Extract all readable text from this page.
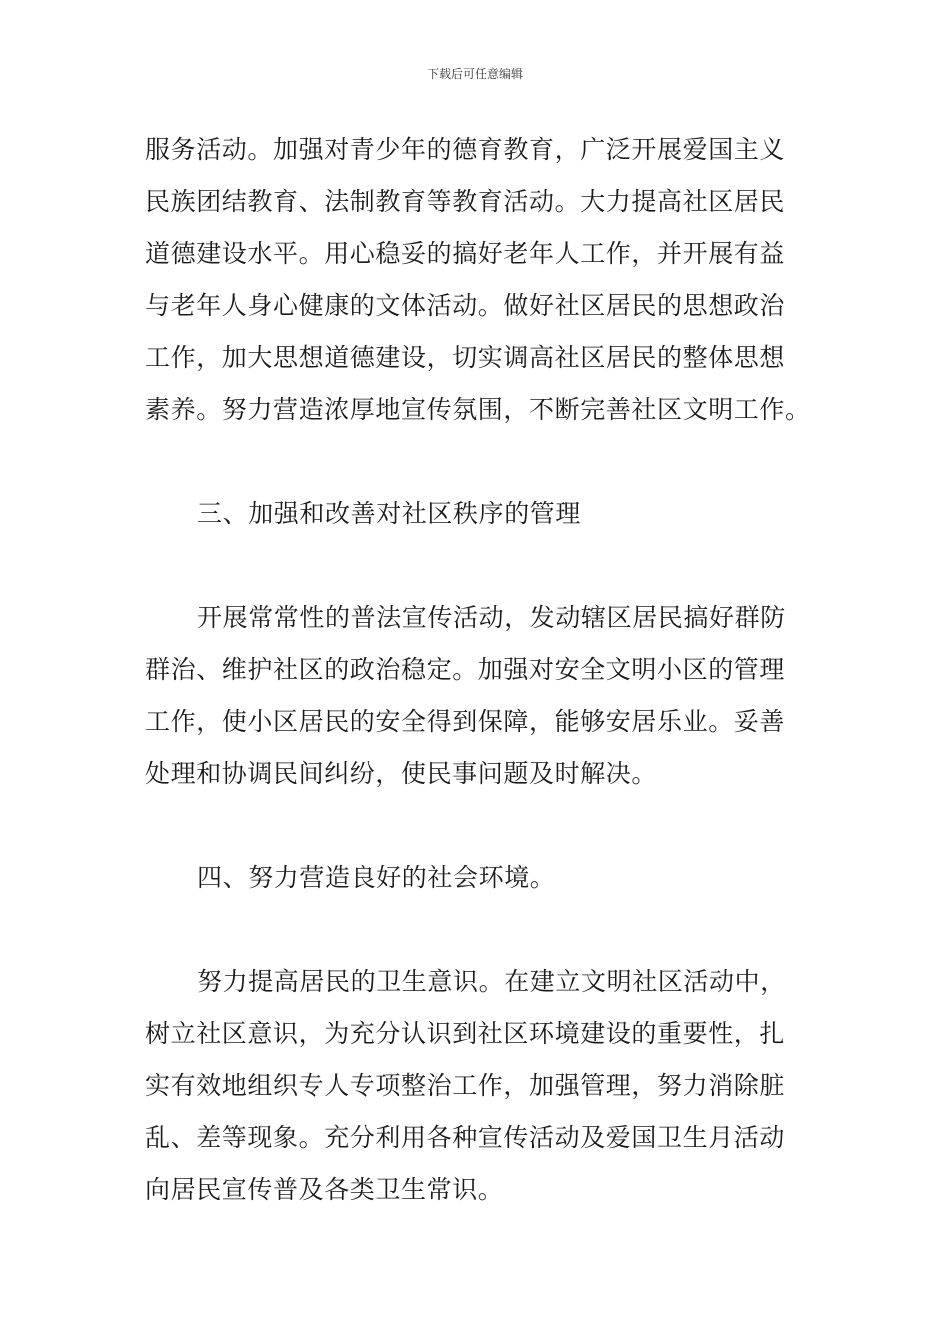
下载后可任意编辑

服务活动。加强对青少年的德育教育，广泛开展爱国主义
民族团结教育、法制教育等教育活动。大力提高社区居民
道德建设水平。用心稳妥的搞好老年人工作，并开展有益
与老年人身心健康的文体活动。做好社区居民的思想政治
工作，加大思想道德建设，切实调高社区居民的整体思想
素养。努力营造浓厚地宣传氛围，不断完善社区文明工作。

三、加强和改善对社区秩序的管理

开展常常性的普法宣传活动，发动辖区居民搞好群防
群治、维护社区的政治稳定。加强对安全文明小区的管理
工作，使小区居民的安全得到保障，能够安居乐业。妥善
处理和协调民间纠纷，使民事问题及时解决。

四、努力营造良好的社会环境。

努力提高居民的卫生意识。在建立文明社区活动中，
树立社区意识，为充分认识到社区环境建设的重要性，扎
实有效地组织专人专项整治工作，加强管理，努力消除脏
乱、差等现象。充分利用各种宣传活动及爱国卫生月活动
向居民宣传普及各类卫生常识。
